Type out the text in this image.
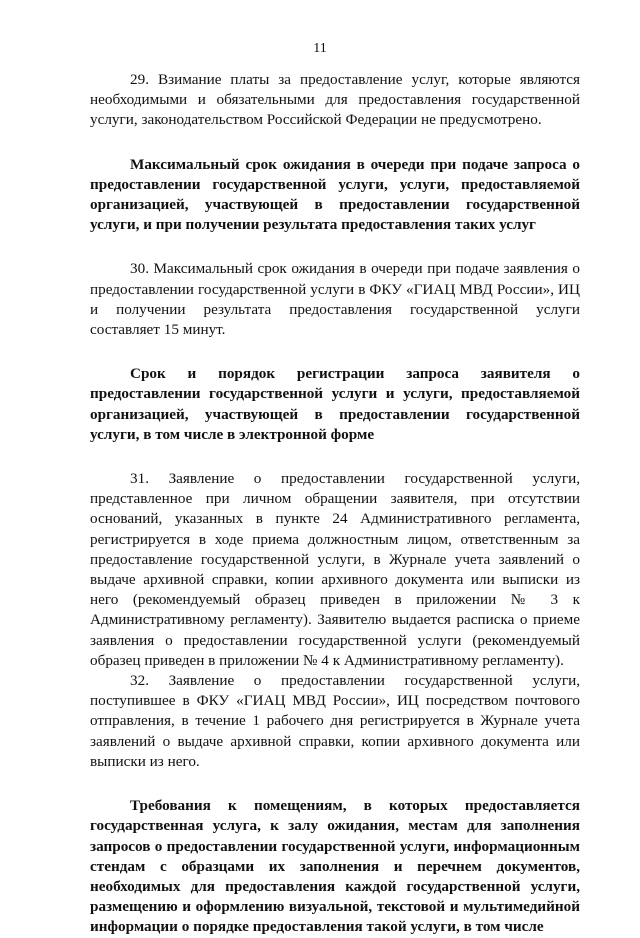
11

29. Взимание платы за предоставление услуг, которые являются необходимыми и обязательными для предоставления государственной услуги, законодательством Российской Федерации не предусмотрено.

Максимальный срок ожидания в очереди при подаче запроса о предоставлении государственной услуги, услуги, предоставляемой организацией, участвующей в предоставлении государственной услуги, и при получении результата предоставления таких услуг

30. Максимальный срок ожидания в очереди при подаче заявления о предоставлении государственной услуги в ФКУ «ГИАЦ МВД России», ИЦ и получении результата предоставления государственной услуги составляет 15 минут.

Срок и порядок регистрации запроса заявителя о предоставлении государственной услуги и услуги, предоставляемой организацией, участвующей в предоставлении государственной услуги, в том числе в электронной форме

31. Заявление о предоставлении государственной услуги, представленное при личном обращении заявителя, при отсутствии оснований, указанных в пункте 24 Административного регламента, регистрируется в ходе приема должностным лицом, ответственным за предоставление государственной услуги, в Журнале учета заявлений о выдаче архивной справки, копии архивного документа или выписки из него (рекомендуемый образец приведен в приложении № 3 к Административному регламенту). Заявителю выдается расписка о приеме заявления о предоставлении государственной услуги (рекомендуемый образец приведен в приложении № 4 к Административному регламенту).

32. Заявление о предоставлении государственной услуги, поступившее в ФКУ «ГИАЦ МВД России», ИЦ посредством почтового отправления, в течение 1 рабочего дня регистрируется в Журнале учета заявлений о выдаче архивной справки, копии архивного документа или выписки из него.

Требования к помещениям, в которых предоставляется государственная услуга, к залу ожидания, местам для заполнения запросов о предоставлении государственной услуги, информационным стендам с образцами их заполнения и перечнем документов, необходимых для предоставления каждой государственной услуги, размещению и оформлению визуальной, текстовой и мультимедийной информации о порядке предоставления такой услуги, в том числе
